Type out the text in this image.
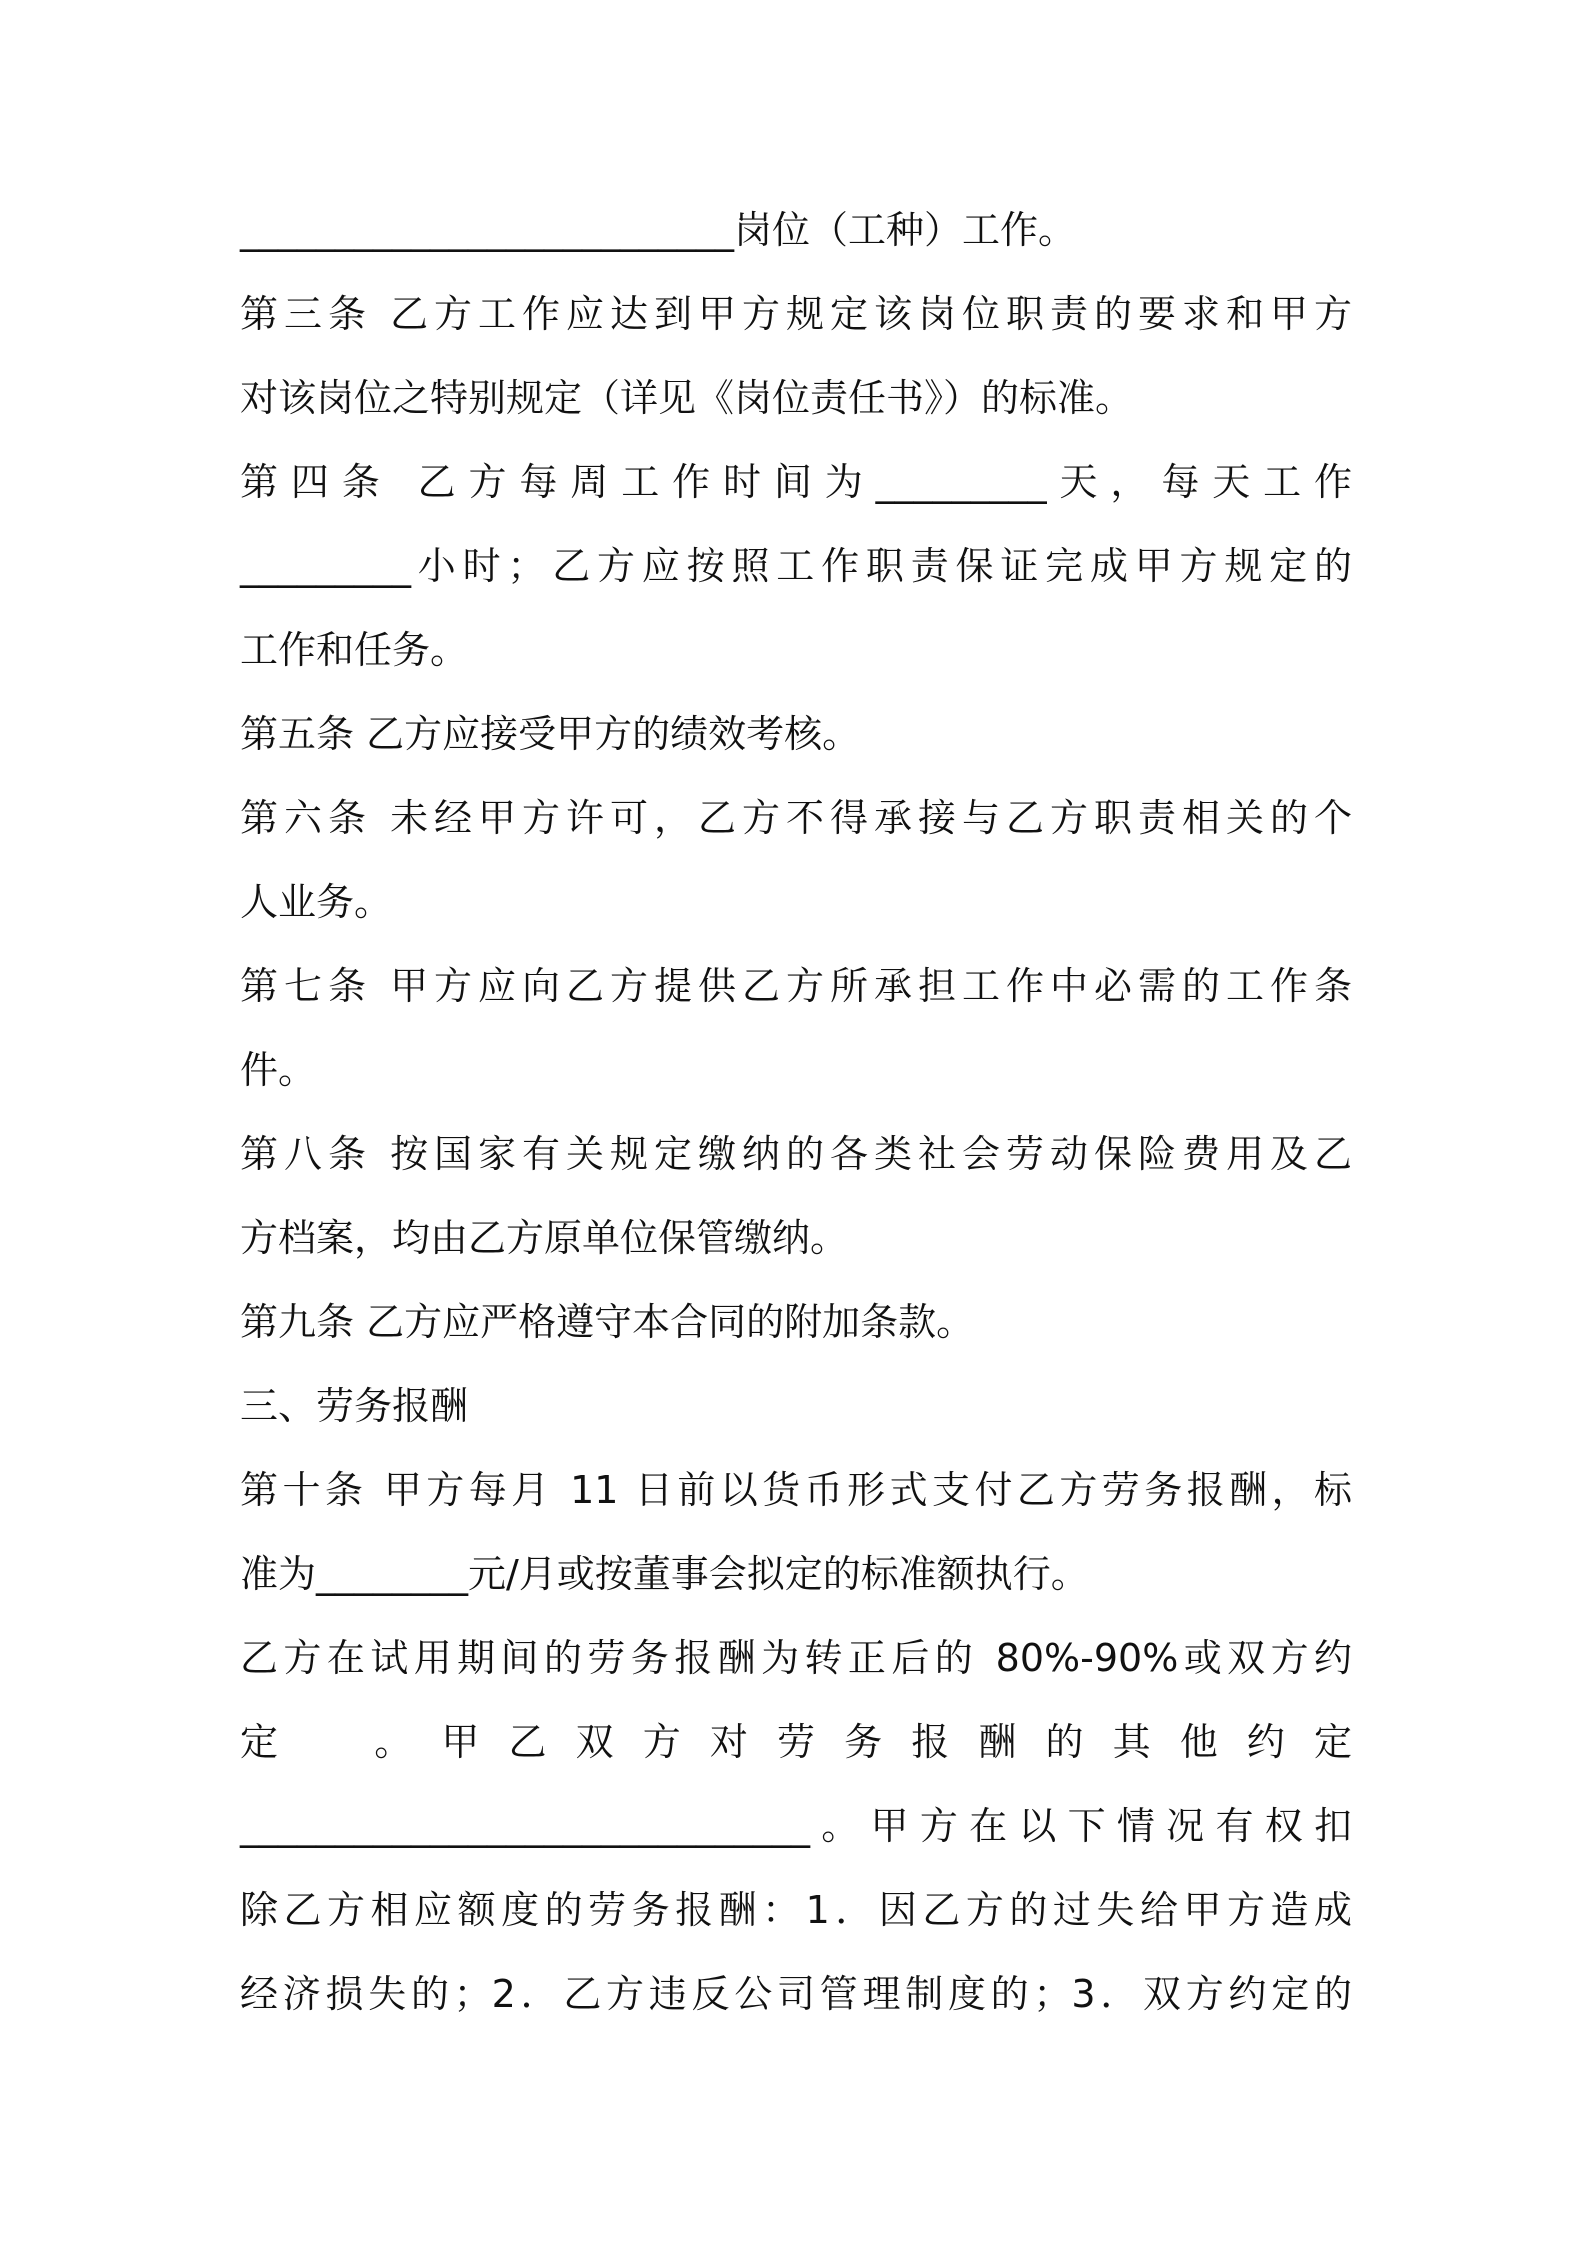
__________________________岗位（工种）工作。
第三条 乙方工作应达到甲方规定该岗位职责的要求和甲方
对该岗位之特别规定（详见《岗位责任书》）的标准。
第四条 乙方每周工作时间为_________天，每天工作
_________小时；乙方应按照工作职责保证完成甲方规定的
工作和任务。
第五条 乙方应接受甲方的绩效考核。
第六条 未经甲方许可，乙方不得承接与乙方职责相关的个
人业务。
第七条 甲方应向乙方提供乙方所承担工作中必需的工作条
件。
第八条 按国家有关规定缴纳的各类社会劳动保险费用及乙
方档案，均由乙方原单位保管缴纳。
第九条 乙方应严格遵守本合同的附加条款。
三、劳务报酬
第十条 甲方每月 11 日前以货币形式支付乙方劳务报酬，标
准为________元/月或按董事会拟定的标准额执行。
乙方在试用期间的劳务报酬为转正后的 80%-90%或双方约
定　。甲乙双方对劳务报酬的其他约定
______________________________。甲方在以下情况有权扣
除乙方相应额度的劳务报酬：1．因乙方的过失给甲方造成
经济损失的；2．乙方违反公司管理制度的；3．双方约定的
